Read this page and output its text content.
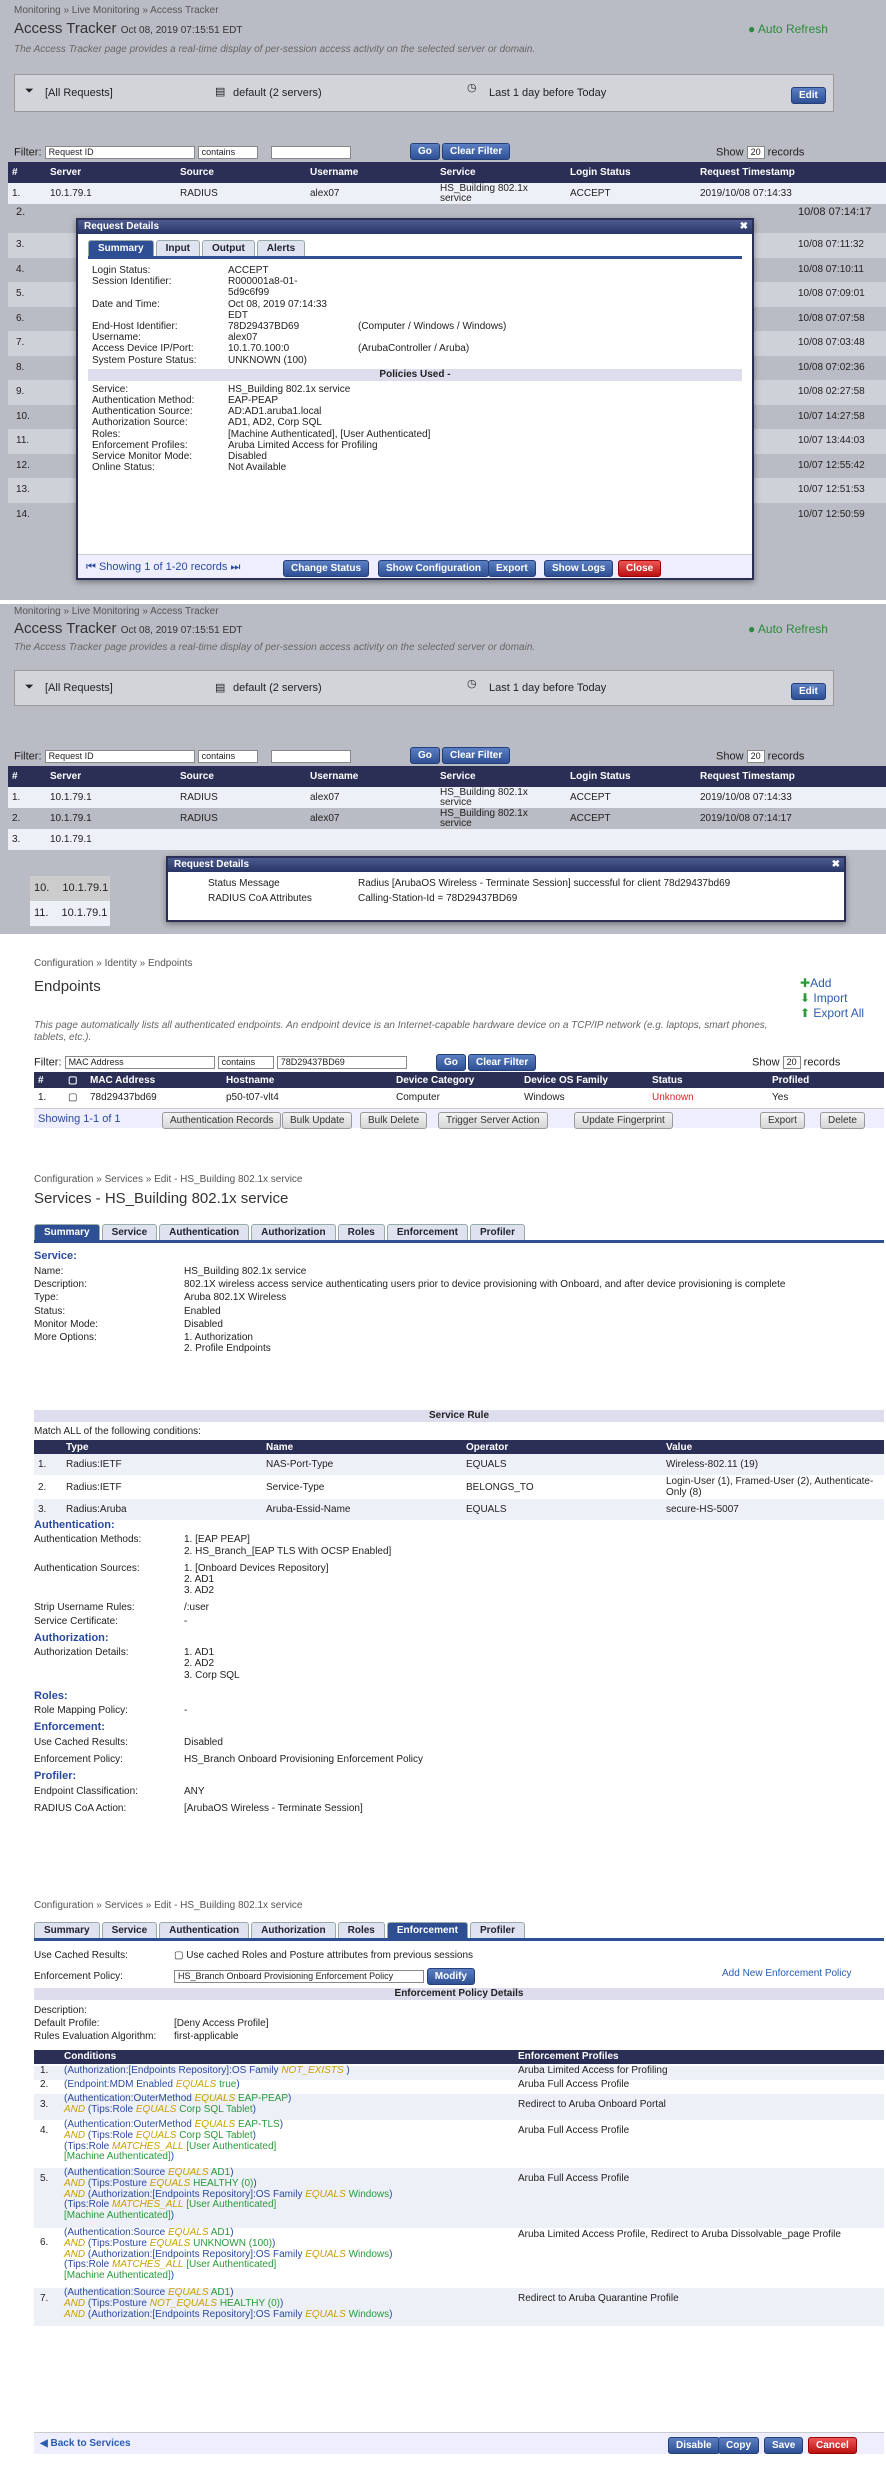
Monitoring » Live Monitoring » Access Tracker
Access Tracker Oct 08, 2019 07:15:51 EDT	● Auto Refresh
The Access Tracker page provides a real-time display of per-session access activity on the selected server or domain.
⏷ [All Requests]	▤ default (2 servers)	◷ Last 1 day before Today	Edit
Filter: Request ID	contains	Go	Clear Filter	Show 20 records
#	Server	Source	Username	Service	Login Status	Request Timestamp
1.	10.1.79.1	RADIUS	alex07	HS_Building 802.1x service	ACCEPT	2019/10/08 07:14:33
2.	10/08 07:14:17
3.	10/08 07:11:32
4.	10/08 07:10:11
5.	10/08 07:09:01
6.	10/08 07:07:58
7.	10/08 07:03:48
8.	10/08 07:02:36
9.	10/08 02:27:58
10.	10/07 14:27:58
11.	10/07 13:44:03
12.	10/07 12:55:42
13.	10/07 12:51:53
14.	10/07 12:50:59
Request Details	✖
Summary	Input	Output	Alerts
Login Status:	ACCEPT
Session Identifier:	R000001a8-01-5d9c6f99
Date and Time:	Oct 08, 2019 07:14:33 EDT
End-Host Identifier:	78D29437BD69	(Computer / Windows / Windows)
Username:	alex07
Access Device IP/Port:	10.1.70.100:0	(ArubaController / Aruba)
System Posture Status:	UNKNOWN (100)
Policies Used -
Service:	HS_Building 802.1x service
Authentication Method:	EAP-PEAP
Authentication Source:	AD:AD1.aruba1.local
Authorization Source:	AD1, AD2, Corp SQL
Roles:	[Machine Authenticated], [User Authenticated]
Enforcement Profiles:	Aruba Limited Access for Profiling
Service Monitor Mode:	Disabled
Online Status:	Not Available
⏮ Showing 1 of 1-20 records ⏭	Change Status	Show Configuration	Export	Show Logs	Close
Monitoring » Live Monitoring » Access Tracker
Access Tracker Oct 08, 2019 07:15:51 EDT	● Auto Refresh
The Access Tracker page provides a real-time display of per-session access activity on the selected server or domain.
⏷ [All Requests]	▤ default (2 servers)	◷ Last 1 day before Today	Edit
Filter: Request ID	contains	Go	Clear Filter	Show 20 records
#	Server	Source	Username	Service	Login Status	Request Timestamp
1.	10.1.79.1	RADIUS	alex07	HS_Building 802.1x service	ACCEPT	2019/10/08 07:14:33
2.	10.1.79.1	RADIUS	alex07	HS_Building 802.1x service	ACCEPT	2019/10/08 07:14:17
3.	10.1.79.1					
10. 10.1.79.1
11. 10.1.79.1
Request Details	✖
Status Message	Radius [ArubaOS Wireless - Terminate Session] successful for client 78d29437bd69
RADIUS CoA Attributes	Calling-Station-Id = 78D29437BD69
Configuration » Identity » Endpoints
Endpoints	✚Add
⬇ Import
⬆ Export All
This page automatically lists all authenticated endpoints. An endpoint device is an Internet-capable hardware device on a TCP/IP network (e.g. laptops, smart phones, tablets, etc.).
Filter: MAC Address	contains	78D29437BD69	Go	Clear Filter	Show 20 records
#	▢	MAC Address	Hostname	Device Category	Device OS Family	Status	Profiled
1.	▢	78d29437bd69	p50-t07-vlt4	Computer	Windows	Unknown	Yes
Showing 1-1 of 1	Authentication Records	Bulk Update	Bulk Delete	Trigger Server Action	Update Fingerprint	Export	Delete
Configuration » Services » Edit - HS_Building 802.1x service
Services - HS_Building 802.1x service
Summary	Service	Authentication	Authorization	Roles	Enforcement	Profiler
Service:
Name:	HS_Building 802.1x service
Description:	802.1X wireless access service authenticating users prior to device provisioning with Onboard, and after device provisioning is complete
Type:	Aruba 802.1X Wireless
Status:	Enabled
Monitor Mode:	Disabled
More Options:	1. Authorization
2. Profile Endpoints
Service Rule
Match ALL of the following conditions:
	Type	Name	Operator	Value
1.	Radius:IETF	NAS-Port-Type	EQUALS	Wireless-802.11 (19)
2.	Radius:IETF	Service-Type	BELONGS_TO	Login-User (1), Framed-User (2), Authenticate-Only (8)
3.	Radius:Aruba	Aruba-Essid-Name	EQUALS	secure-HS-5007
Authentication:
Authentication Methods:	1. [EAP PEAP]
2. HS_Branch_[EAP TLS With OCSP Enabled]
Authentication Sources:	1. [Onboard Devices Repository]
2. AD1
3. AD2
Strip Username Rules:	/:user
Service Certificate:	-
Authorization:
Authorization Details:	1. AD1
2. AD2
3. Corp SQL
Roles:
Role Mapping Policy:	-
Enforcement:
Use Cached Results:	Disabled
Enforcement Policy:	HS_Branch Onboard Provisioning Enforcement Policy
Profiler:
Endpoint Classification:	ANY
RADIUS CoA Action:	[ArubaOS Wireless - Terminate Session]
Configuration » Services » Edit - HS_Building 802.1x service
Summary	Service	Authentication	Authorization	Roles	Enforcement	Profiler
Use Cached Results:	▢ Use cached Roles and Posture attributes from previous sessions
Enforcement Policy:	HS_Branch Onboard Provisioning Enforcement Policy	Modify	Add New Enforcement Policy
Enforcement Policy Details
Description:
Default Profile:	[Deny Access Profile]
Rules Evaluation Algorithm: first-applicable
Conditions	Enforcement Profiles
1. (Authorization:[Endpoints Repository]:OS Family NOT_EXISTS )	Aruba Limited Access for Profiling
2. (Endpoint:MDM Enabled EQUALS true)	Aruba Full Access Profile
3.
(Authentication:OuterMethod EQUALS EAP-PEAP)
AND (Tips:Role EQUALS Corp SQL Tablet)	Redirect to Aruba Onboard Portal
4.
(Authentication:OuterMethod EQUALS EAP-TLS)
AND (Tips:Role EQUALS Corp SQL Tablet)
(Tips:Role MATCHES_ALL [User Authenticated]
[Machine Authenticated])
Aruba Full Access Profile
5.
(Authentication:Source EQUALS AD1)
AND (Tips:Posture EQUALS HEALTHY (0))
AND (Authorization:[Endpoints Repository]:OS Family EQUALS Windows)
(Tips:Role MATCHES_ALL [User Authenticated]
[Machine Authenticated])
Aruba Full Access Profile
6.
(Authentication:Source EQUALS AD1)
AND (Tips:Posture EQUALS UNKNOWN (100))
AND (Authorization:[Endpoints Repository]:OS Family EQUALS Windows)
(Tips:Role MATCHES_ALL [User Authenticated]
[Machine Authenticated])
Aruba Limited Access Profile, Redirect to Aruba Dissolvable_page Profile
7.
(Authentication:Source EQUALS AD1)
AND (Tips:Posture NOT_EQUALS HEALTHY (0))
AND (Authorization:[Endpoints Repository]:OS Family EQUALS Windows)
Redirect to Aruba Quarantine Profile
◀ Back to Services	Disable	Copy	Save	Cancel
